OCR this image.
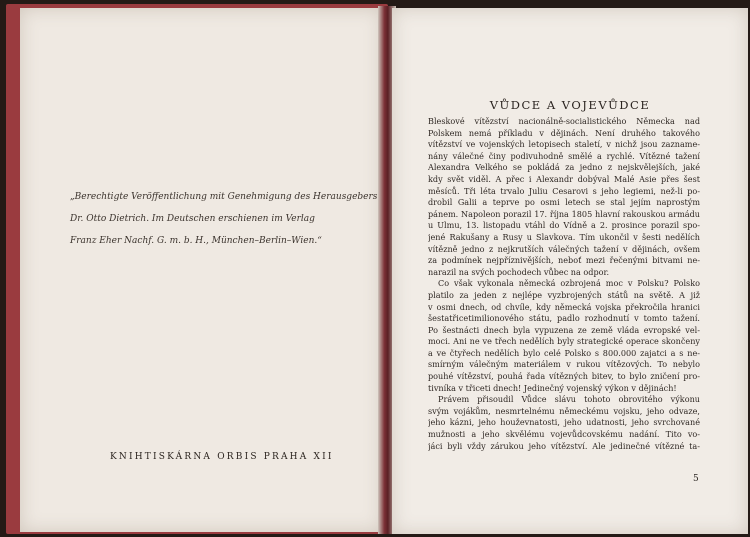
„Berechtigte Veröffentlichung mit Genehmigung des Herausgebers
Dr. Otto Dietrich. Im Deutschen erschienen im Verlag
Franz Eher Nachf. G. m. b. H., München–Berlin–Wien.“

KNIHTISKÁRNA ORBIS PRAHA XII

VŮDCE A VOJEVŮDCE

Bleskové vítězství nacionálně-socialistického Německa nad
Polskem nemá příkladu v dějinách. Není druhého takového
vítězství ve vojenských letopisech staletí, v nichž jsou zazname-
nány válečné činy podivuhodně smělé a rychlé. Vítězné tažení
Alexandra Velkého se pokládá za jedno z nejskvělejších, jaké
kdy svět viděl. A přec i Alexandr dobýval Malé Asie přes šest
měsíců. Tři léta trvalo Juliu Cesarovi s jeho legiemi, než-li po-
drobil Galii a teprve po osmi letech se stal jejím naprostým
pánem. Napoleon porazil 17. října 1805 hlavní rakouskou armádu
u Ulmu, 13. listopadu vtáhl do Vídně a 2. prosince porazil spo-
jené Rakušany a Rusy u Slavkova. Tím ukončil v šesti nedělích
vítězně jedno z nejkrutších válečných tažení v dějinách, ovšem
za podmínek nejpříznivějších, neboť mezi řečenými bitvami ne-
narazil na svých pochodech vůbec na odpor.

Co však vykonala německá ozbrojená moc v Polsku? Polsko
platilo za jeden z nejlépe vyzbrojených států na světě. A již
v osmi dnech, od chvíle, kdy německá vojska překročila hranici
šestatřicetimilionového státu, padlo rozhodnutí v tomto tažení.
Po šestnácti dnech byla vypuzena ze země vláda evropské vel-
moci. Ani ne ve třech nedělích byly strategické operace skončeny
a ve čtyřech nedělích bylo celé Polsko s 800.000 zajatci a s ne-
smírným válečným materiálem v rukou vítězových. To nebylo
pouhé vítězství, pouhá řada vítězných bitev, to bylo zničení pro-
tivníka v třiceti dnech! Jedinečný vojenský výkon v dějinách!

Právem přisoudil Vůdce slávu tohoto obrovitého výkonu
svým vojákům, nesmrtelnému německému vojsku, jeho odvaze,
jeho kázni, jeho houževnatosti, jeho udatnosti, jeho svrchované
mužnosti a jeho skvělému vojevůdcovskému nadání. Tito vo-
jáci byli vždy zárukou jeho vítězství. Ale jedinečné vítězné ta-

5
